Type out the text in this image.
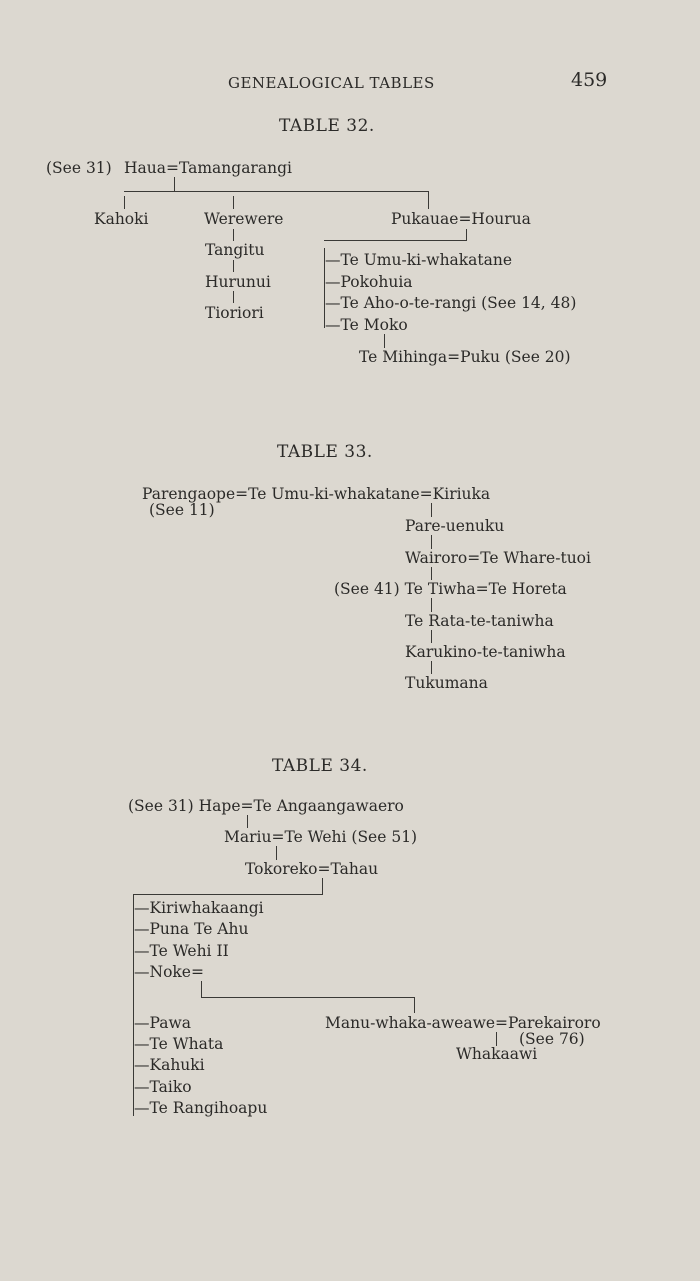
GENEALOGICAL TABLES	459
TABLE 32.
(See 31) Haua=Tamangarangi
Kahoki	Werewere	Pukauae=Hourua
Tangitu
Hurunui
Tioriori
—Te Umu-ki-whakatane
—Pokohuia
—Te Aho-o-te-rangi (See 14, 48)
—Te Moko
Te Mihinga=Puku (See 20)
TABLE 33.
Parengaope=Te Umu-ki-whakatane=Kiriuka
(See 11)
Pare-uenuku
Wairoro=Te Whare-tuoi
(See 41) Te Tiwha=Te Horeta
Te Rata-te-taniwha
Karukino-te-taniwha
Tukumana
TABLE 34.
(See 31) Hape=Te Angaangawaero
Mariu=Te Wehi (See 51)
Tokoreko=Tahau
—Kiriwhakaangi
—Puna Te Ahu
—Te Wehi II
—Noke=
—Pawa
—Te Whata
—Kahuki
—Taiko
—Te Rangihoapu
Manu-whaka-aweawe=Parekairoro
(See 76)
Whakaawi
